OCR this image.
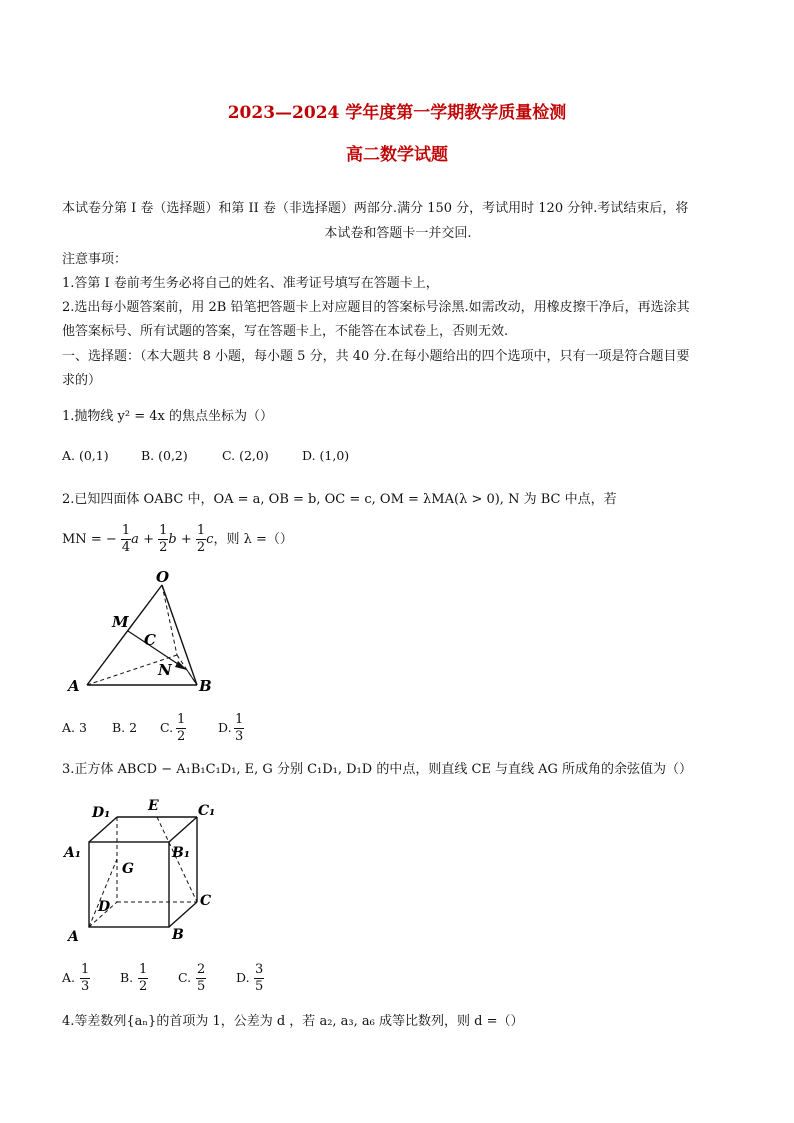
2023—2024 学年度第一学期教学质量检测
高二数学试题
本试卷分第 I 卷（选择题）和第 II 卷（非选择题）两部分.满分 150 分，考试用时 120 分钟.考试结束后，将
本试卷和答题卡一并交回.
注意事项：
1.答第 I 卷前考生务必将自己的姓名、准考证号填写在答题卡上，
2.选出每小题答案前，用 2B 铅笔把答题卡上对应题目的答案标号涂黑.如需改动，用橡皮擦干净后，再选涂其
他答案标号、所有试题的答案，写在答题卡上，不能答在本试卷上，否则无效.
一、选择题：（本大题共 8 小题，每小题 5 分，共 40 分.在每小题给出的四个选项中，只有一项是符合题目要
求的）
1.抛物线 y² = 4x 的焦点坐标为（）
A. (0,1)	B. (0,2)	C. (2,0)	D. (1,0)
2.已知四面体 OABC 中，OA = a, OB = b, OC = c, OM = λMA(λ > 0), N 为 BC 中点，若
MN = − $\frac{1}{4}$ $a + \frac{1}{2}$ $b + \frac{1}{2}$ c，则 λ =（）
O
M
C
N
A	B
A. 3 B. 2 C. $\frac{1}{2}$	D. $\frac{1}{3}$
3.正方体 ABCD − A₁B₁C₁D₁, E, G 分别 C₁D₁, D₁D 的中点，则直线 CE 与直线 AG 所成角的余弦值为（）
D₁	E	C₁
A₁	B₁
G
D	C
A	B
A. $\frac{1}{3} B$. $\frac{1}{2} C$. $\frac{2}{5} D$. $\frac{3}{5}$
4.等差数列{aₙ}的首项为 1，公差为 d ，若 a₂, a₃, a₆ 成等比数列，则 d =（）
